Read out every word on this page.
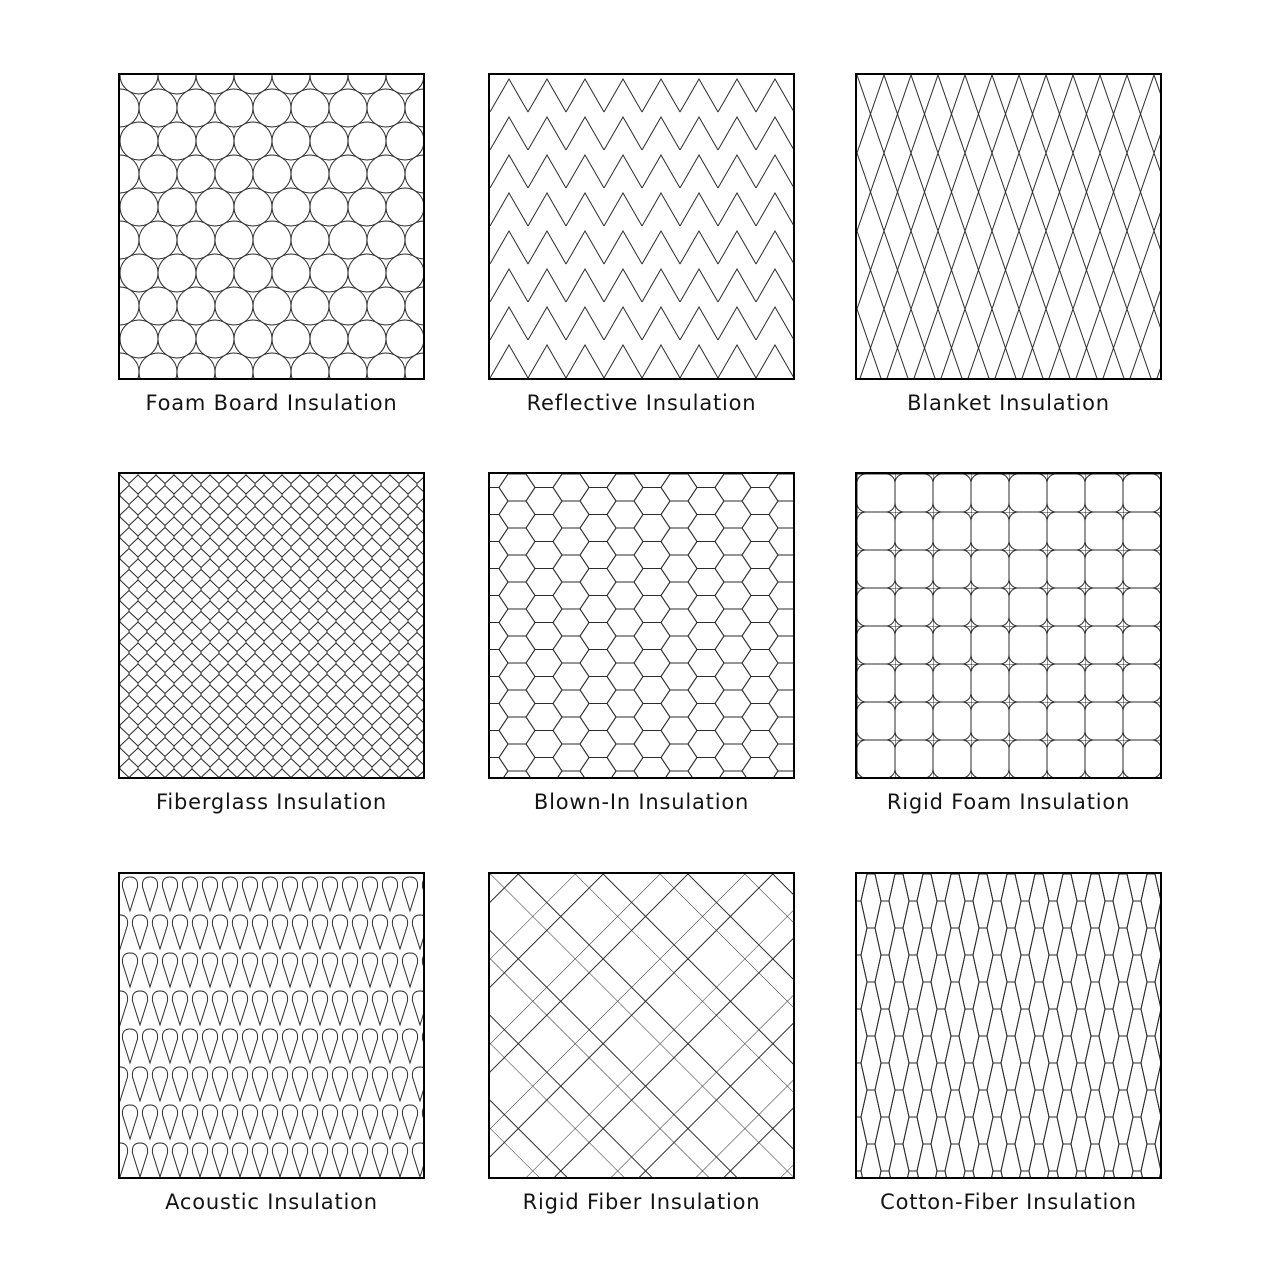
Foam Board Insulation	Reflective Insulation	Blanket Insulation
Fiberglass Insulation	Blown-In Insulation	Rigid Foam Insulation
Acoustic Insulation	Rigid Fiber Insulation	Cotton-Fiber Insulation
